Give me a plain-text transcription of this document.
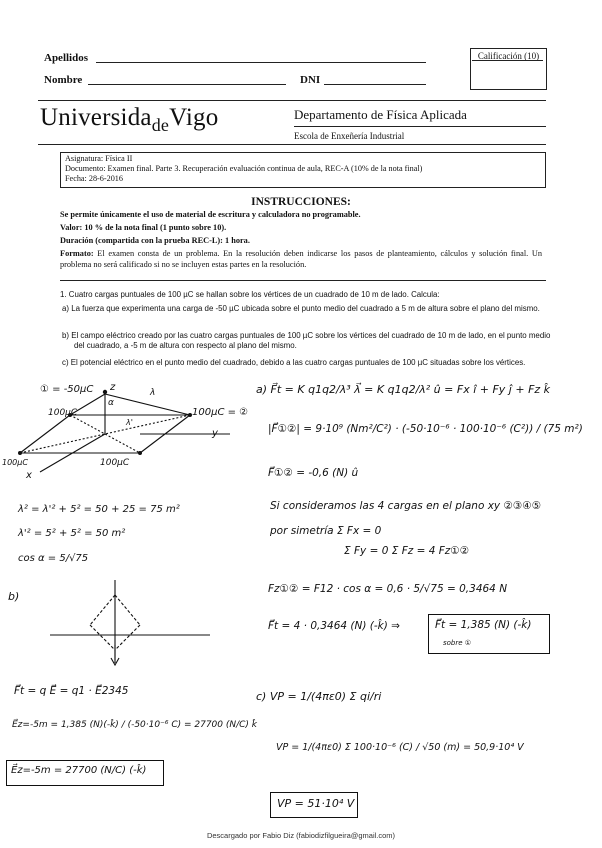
Apellidos
Nombre	DNI
Calificación (10)
Universida$_{de}$Vigo	Departamento de Física Aplicada
Escola de Enxeñería Industrial
Asignatura: Física II
Documento: Examen final. Parte 3. Recuperación evaluación continua de aula, REC-A (10% de la nota final)
Fecha: 28-6-2016
INSTRUCCIONES:
Se permite únicamente el uso de material de escritura y calculadora no programable.
Valor: 10 % de la nota final (1 punto sobre 10).
Duración (compartida con la prueba REC-L): 1 hora.
Formato: El examen consta de un problema. En la resolución deben indicarse los pasos de planteamiento, cálculos y solución final. Un problema no será calificado si no se incluyen estas partes en la resolución.
1. Cuatro cargas puntuales de 100 µC se hallan sobre los vértices de un cuadrado de 10 m de lado. Calcula:
a) La fuerza que experimenta una carga de -50 µC ubicada sobre el punto medio del cuadrado a 5 m de altura sobre el plano del mismo.
b) El campo eléctrico creado por las cuatro cargas puntuales de 100 µC sobre los vértices del cuadrado de 10 m de lado, en el punto medio del cuadrado, a -5 m de altura con respecto al plano del mismo.
c) El potencial eléctrico en el punto medio del cuadrado, debido a las cuatro cargas puntuales de 100 µC situadas sobre los vértices.
① = -50µC
100µC	100µC = ②
100µC	100µC
z
y
x
α
λ
λ'
a) F⃗t = K q1q2/λ³ λ⃗ = K q1q2/λ² û = Fx î + Fy ĵ + Fz k̂
|F⃗①②| = 9·10⁹ (Nm²/C²) · (-50·10⁻⁶ · 100·10⁻⁶ (C²)) / (75 m²)
F⃗①② = -0,6 (N) û
λ² = λ'² + 5² = 50 + 25 = 75 m²
λ'² = 5² + 5² = 50 m²
cos α = 5/√75
Si consideramos las 4 cargas en el plano xy ②③④⑤
por simetría Σ Fx = 0
Σ Fy = 0 Σ Fz = 4 Fz①②
b)
Fz①② = F12 · cos α = 0,6 · 5/√75 = 0,3464 N
F⃗t = 4 · 0,3464 (N) (-k̂) ⇒	F⃗t = 1,385 (N) (-k̂)
sobre ①
F⃗t = q E⃗ = q1 · E⃗2345
E⃗z=-5m = 1,385 (N)(-k̂) / (-50·10⁻⁶ C) = 27700 (N/C) k̂
E⃗z=-5m = 27700 (N/C) (-k̂)
c) VP = 1/(4πε0) Σ qi/ri
VP = 1/(4πε0) Σ 100·10⁻⁶ (C) / √50 (m) = 50,9·10⁴ V
VP = 51·10⁴ V
Descargado por Fabio Diz (fabiodizfilgueira@gmail.com)
